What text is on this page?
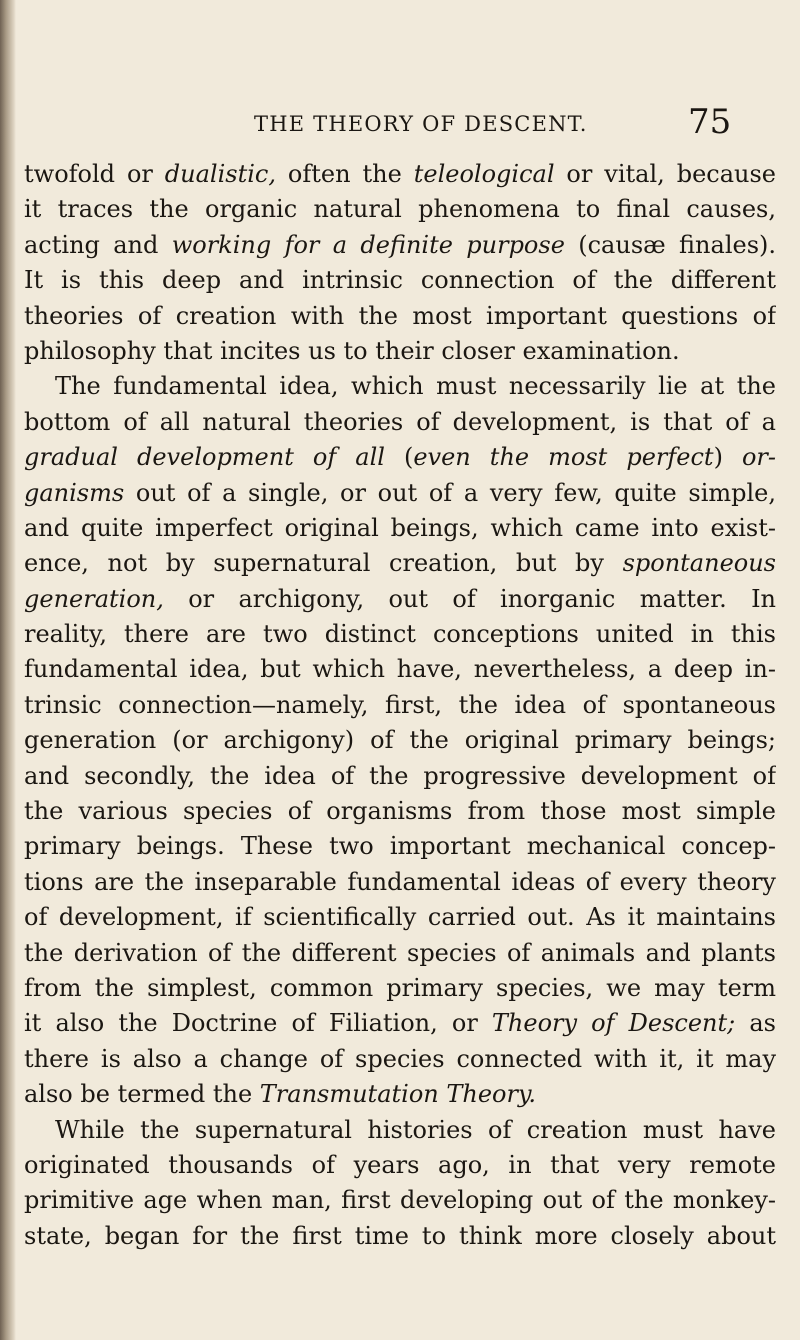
THE THEORY OF DESCENT.	75
twofold or dualistic, often the teleological or vital, because
it traces the organic natural phenomena to final causes,
acting and working for a definite purpose (causæ finales).
It is this deep and intrinsic connection of the different
theories of creation with the most important questions of
philosophy that incites us to their closer examination.
The fundamental idea, which must necessarily lie at the
bottom of all natural theories of development, is that of a
gradual development of all (even the most perfect) or-
ganisms out of a single, or out of a very few, quite simple,
and quite imperfect original beings, which came into exist-
ence, not by supernatural creation, but by spontaneous
generation, or archigony, out of inorganic matter. In
reality, there are two distinct conceptions united in this
fundamental idea, but which have, nevertheless, a deep in-
trinsic connection—namely, first, the idea of spontaneous
generation (or archigony) of the original primary beings;
and secondly, the idea of the progressive development of
the various species of organisms from those most simple
primary beings. These two important mechanical concep-
tions are the inseparable fundamental ideas of every theory
of development, if scientifically carried out. As it maintains
the derivation of the different species of animals and plants
from the simplest, common primary species, we may term
it also the Doctrine of Filiation, or Theory of Descent; as
there is also a change of species connected with it, it may
also be termed the Transmutation Theory.
While the supernatural histories of creation must have
originated thousands of years ago, in that very remote
primitive age when man, first developing out of the monkey-
state, began for the first time to think more closely about
